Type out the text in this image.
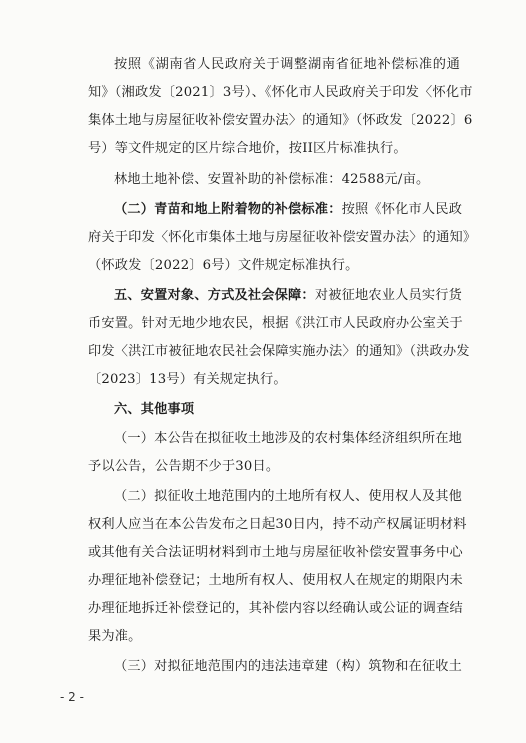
按照《湖南省人民政府关于调整湖南省征地补偿标准的通
知》（湘政发〔2021〕3号）、《怀化市人民政府关于印发〈怀化市
集体土地与房屋征收补偿安置办法〉的通知》（怀政发〔2022〕6
号）等文件规定的区片综合地价，按II区片标准执行。
林地土地补偿、安置补助的补偿标准：42588元/亩。
（二）青苗和地上附着物的补偿标准： 按照《怀化市人民政
府关于印发〈怀化市集体土地与房屋征收补偿安置办法〉的通知》
（怀政发〔2022〕6号）文件规定标准执行。
五、安置对象、方式及社会保障： 对被征地农业人员实行货
币安置。针对无地少地农民，根据《洪江市人民政府办公室关于
印发〈洪江市被征地农民社会保障实施办法〉的通知》（洪政办发
〔2023〕13号）有关规定执行。
六、其他事项
（一）本公告在拟征收土地涉及的农村集体经济组织所在地
予以公告，公告期不少于30日。
（二）拟征收土地范围内的土地所有权人、使用权人及其他
权利人应当在本公告发布之日起30日内，持不动产权属证明材料
或其他有关合法证明材料到市土地与房屋征收补偿安置事务中心
办理征地补偿登记；土地所有权人、使用权人在规定的期限内未
办理征地拆迁补偿登记的，其补偿内容以经确认或公证的调查结
果为准。
（三）对拟征地范围内的违法违章建（构）筑物和在征收土
- 2 -
